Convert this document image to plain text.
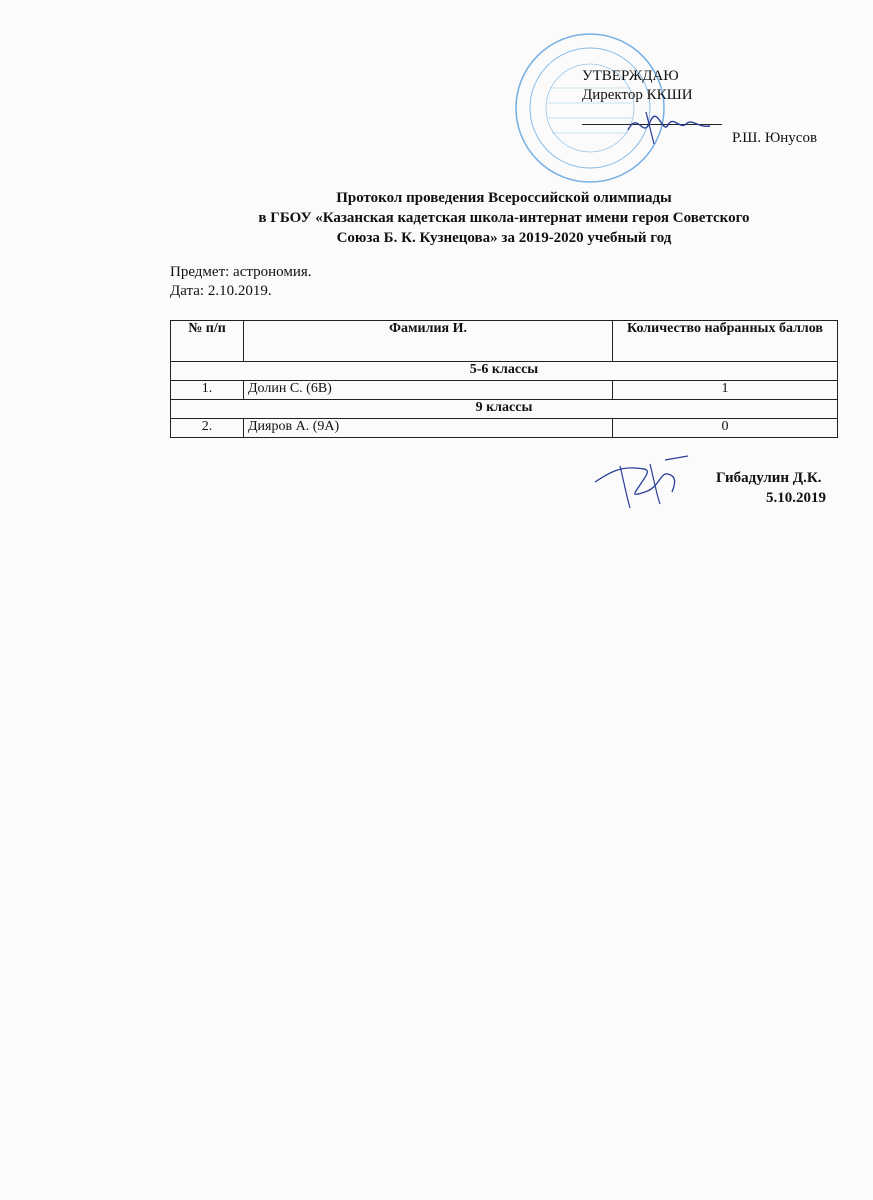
УТВЕРЖДАЮ
Директор ККШИ
Р.Ш. Юнусов
Протокол проведения Всероссийской олимпиады
в ГБОУ «Казанская кадетская школа-интернат имени героя Советского
Союза Б. К. Кузнецова» за 2019-2020 учебный год
Предмет: астрономия.
Дата: 2.10.2019.
№ п/п	Фамилия И.	Количество набранных баллов
5-6 классы		
1.	Долин С. (6В)	1
9 классы		
2.	Дияров А. (9А)	0
Гибадулин Д.К.
5.10.2019
